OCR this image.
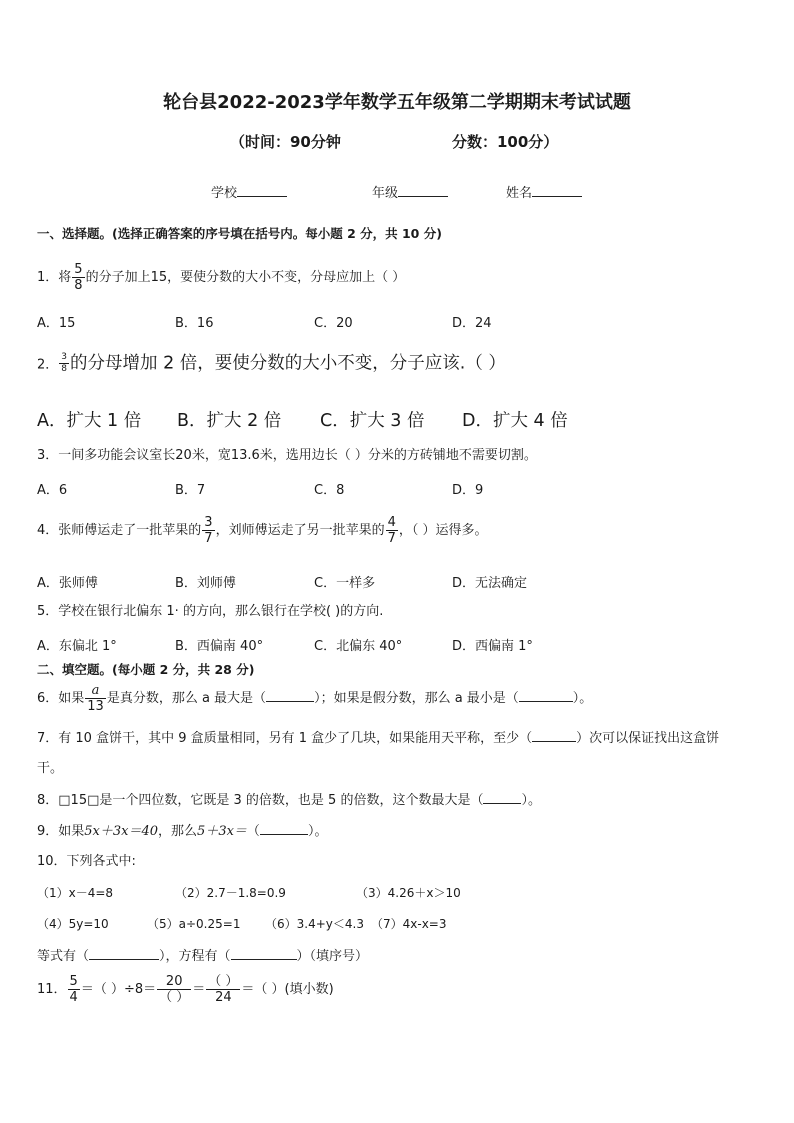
轮台县2022-2023学年数学五年级第二学期期末考试试题
（时间：90分钟	分数：100分）
学校	年级	姓名
一、选择题。(选择正确答案的序号填在括号内。每小题 2 分，共 10 分)
1．将 $\frac{5}{8}$ 的分子加上15，要使分数的大小不变，分母应加上（ ）
A．15	B．16	C．20	D．24
2． $\frac{3}{8}$ 的分母增加 2 倍，要使分数的大小不变，分子应该.（ ）
A．扩大 1 倍 B．扩大 2 倍 C．扩大 3 倍 D．扩大 4 倍
3．一间多功能会议室长20米，宽13.6米，选用边长（ ）分米的方砖铺地不需要切割。
A．6	B．7	C．8	D．9
4．张师傅运走了一批苹果的 $\frac{3}{7}$ ，刘师傅运走了另一批苹果的 $\frac{4}{7}$ ，（ ）运得多。
A．张师傅	B．刘师傅	C．一样多	D．无法确定
5．学校在银行北偏东 1· 的方向，那么银行在学校( )的方向.
A．东偏北 1°	B．西偏南 40°	C．北偏东 40°	D．西偏南 1°
二、填空题。(每小题 2 分，共 28 分)
6．如果 $\frac{a}{13}$ 是真分数，那么 a 最大是（	）；如果是假分数，那么 a 最小是（	）。
7．有 10 盒饼干，其中 9 盒质量相同，另有 1 盒少了几块，如果能用天平称，至少（	）次可以保证找出这盒饼
干。
8．□15□是一个四位数，它既是 3 的倍数，也是 5 的倍数，这个数最大是（	）。
9．如果5x＋3x＝40，那么5＋3x＝（	）。
10．下列各式中:
（1）x－4=8	（2）2.7－1.8=0.9	（3）4.26＋x＞10
（4）5y=10	（5）a÷0.25=1 （6）3.4+y＜4.3 （7）4x-x=3
等式有（	），方程有（	）（填序号）
11． $\frac{5}{4}$ ＝（ ）$\div 8= \frac{20}{( )} = \frac{( )}{24}$ ＝（ ）(填小数)
